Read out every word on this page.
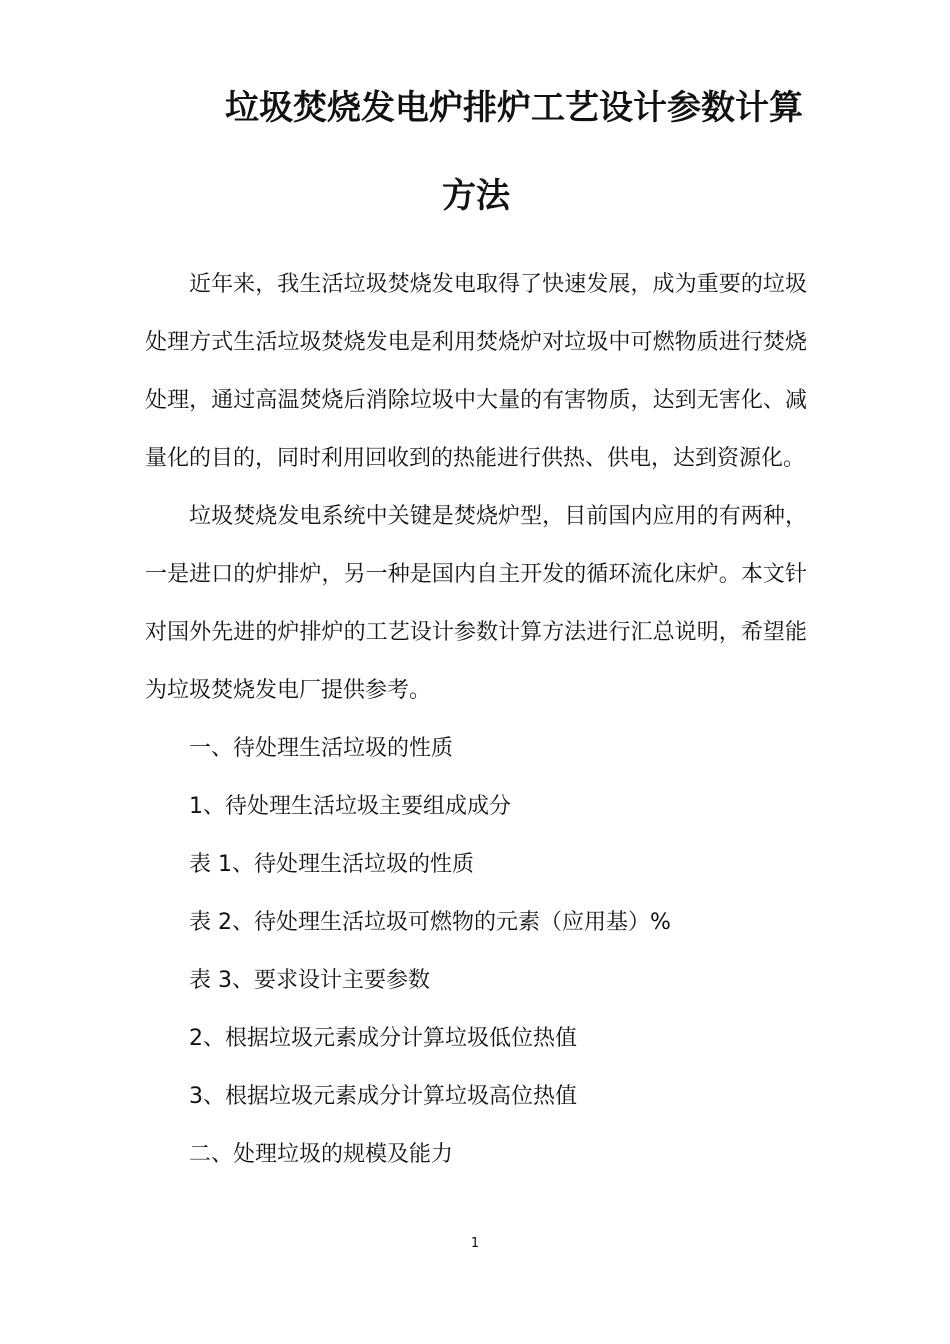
垃圾焚烧发电炉排炉工艺设计参数计算
方法

近年来，我生活垃圾焚烧发电取得了快速发展，成为重要的垃圾处理方式生活垃圾焚烧发电是利用焚烧炉对垃圾中可燃物质进行焚烧处理，通过高温焚烧后消除垃圾中大量的有害物质，达到无害化、减量化的目的，同时利用回收到的热能进行供热、供电，达到资源化。

垃圾焚烧发电系统中关键是焚烧炉型，目前国内应用的有两种，一是进口的炉排炉，另一种是国内自主开发的循环流化床炉。本文针对国外先进的炉排炉的工艺设计参数计算方法进行汇总说明，希望能为垃圾焚烧发电厂提供参考。

一、待处理生活垃圾的性质

1、待处理生活垃圾主要组成成分

表 1、待处理生活垃圾的性质

表 2、待处理生活垃圾可燃物的元素（应用基）%

表 3、要求设计主要参数

2、根据垃圾元素成分计算垃圾低位热值

3、根据垃圾元素成分计算垃圾高位热值

二、处理垃圾的规模及能力

1
